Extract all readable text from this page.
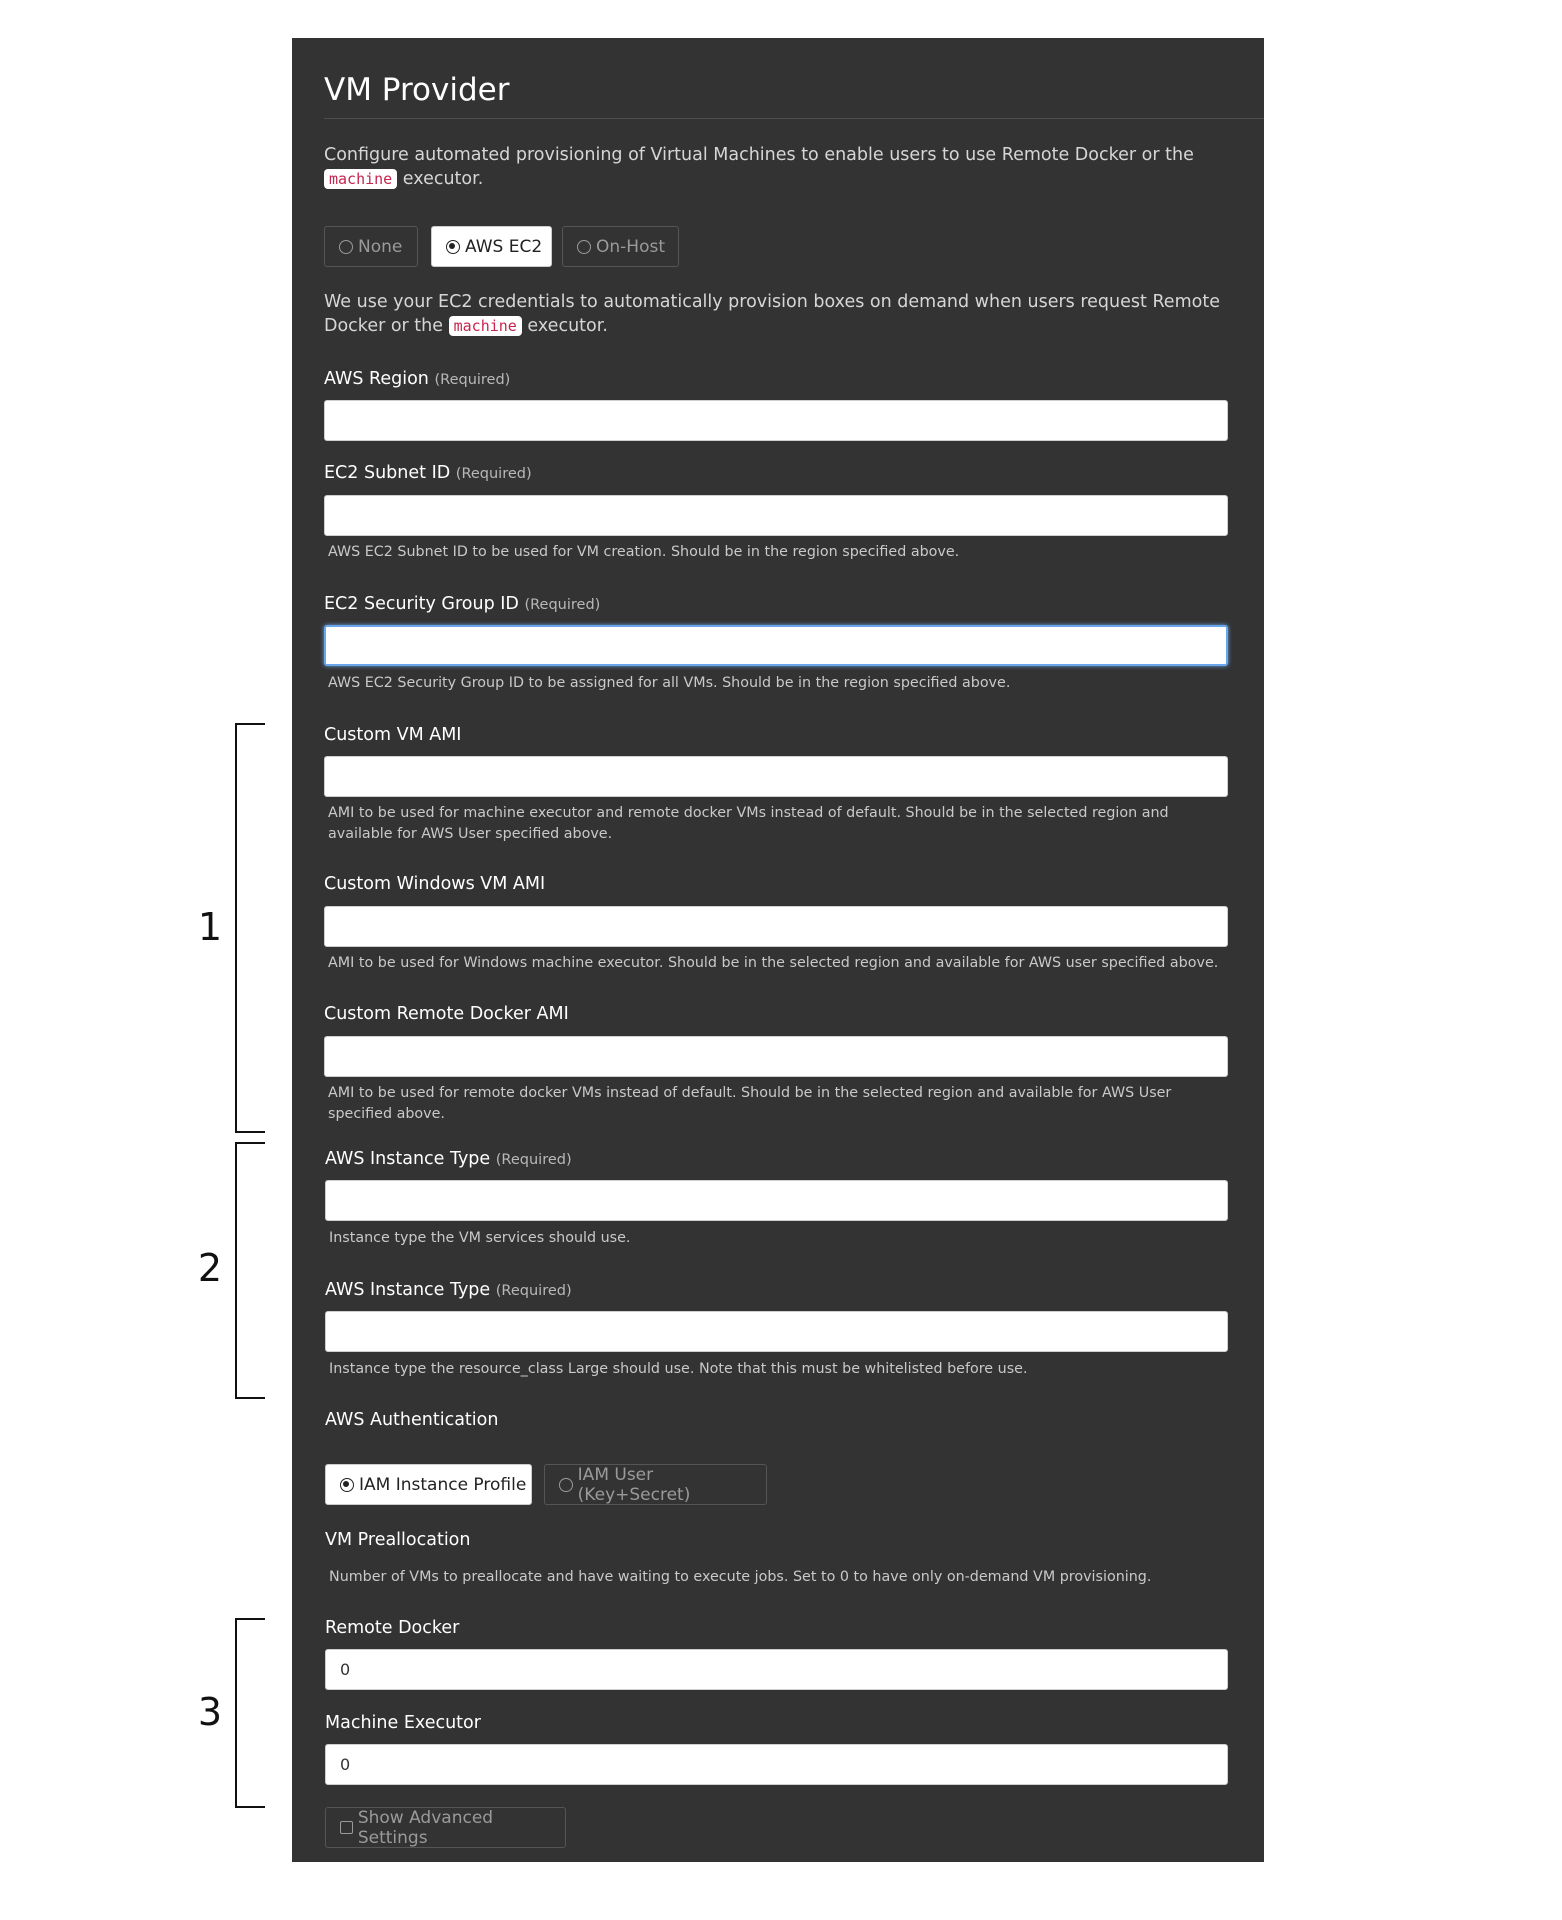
1
2
3
VM Provider
Configure automated provisioning of Virtual Machines to enable users to use Remote Docker or the machine executor.
None	AWS EC2	On-Host
We use your EC2 credentials to automatically provision boxes on demand when users request Remote Docker or the machine executor.
AWS Region (Required)
EC2 Subnet ID (Required)
AWS EC2 Subnet ID to be used for VM creation. Should be in the region specified above.
EC2 Security Group ID (Required)
AWS EC2 Security Group ID to be assigned for all VMs. Should be in the region specified above.
Custom VM AMI
AMI to be used for machine executor and remote docker VMs instead of default. Should be in the selected region and available for AWS User specified above.
Custom Windows VM AMI
AMI to be used for Windows machine executor. Should be in the selected region and available for AWS user specified above.
Custom Remote Docker AMI
AMI to be used for remote docker VMs instead of default. Should be in the selected region and available for AWS User specified above.
AWS Instance Type (Required)
Instance type the VM services should use.
AWS Instance Type (Required)
Instance type the resource_class Large should use. Note that this must be whitelisted before use.
AWS Authentication
IAM Instance Profile	IAM User (Key+Secret)
VM Preallocation
Number of VMs to preallocate and have waiting to execute jobs. Set to 0 to have only on-demand VM provisioning.
Remote Docker
0
Machine Executor
0
Show Advanced Settings
